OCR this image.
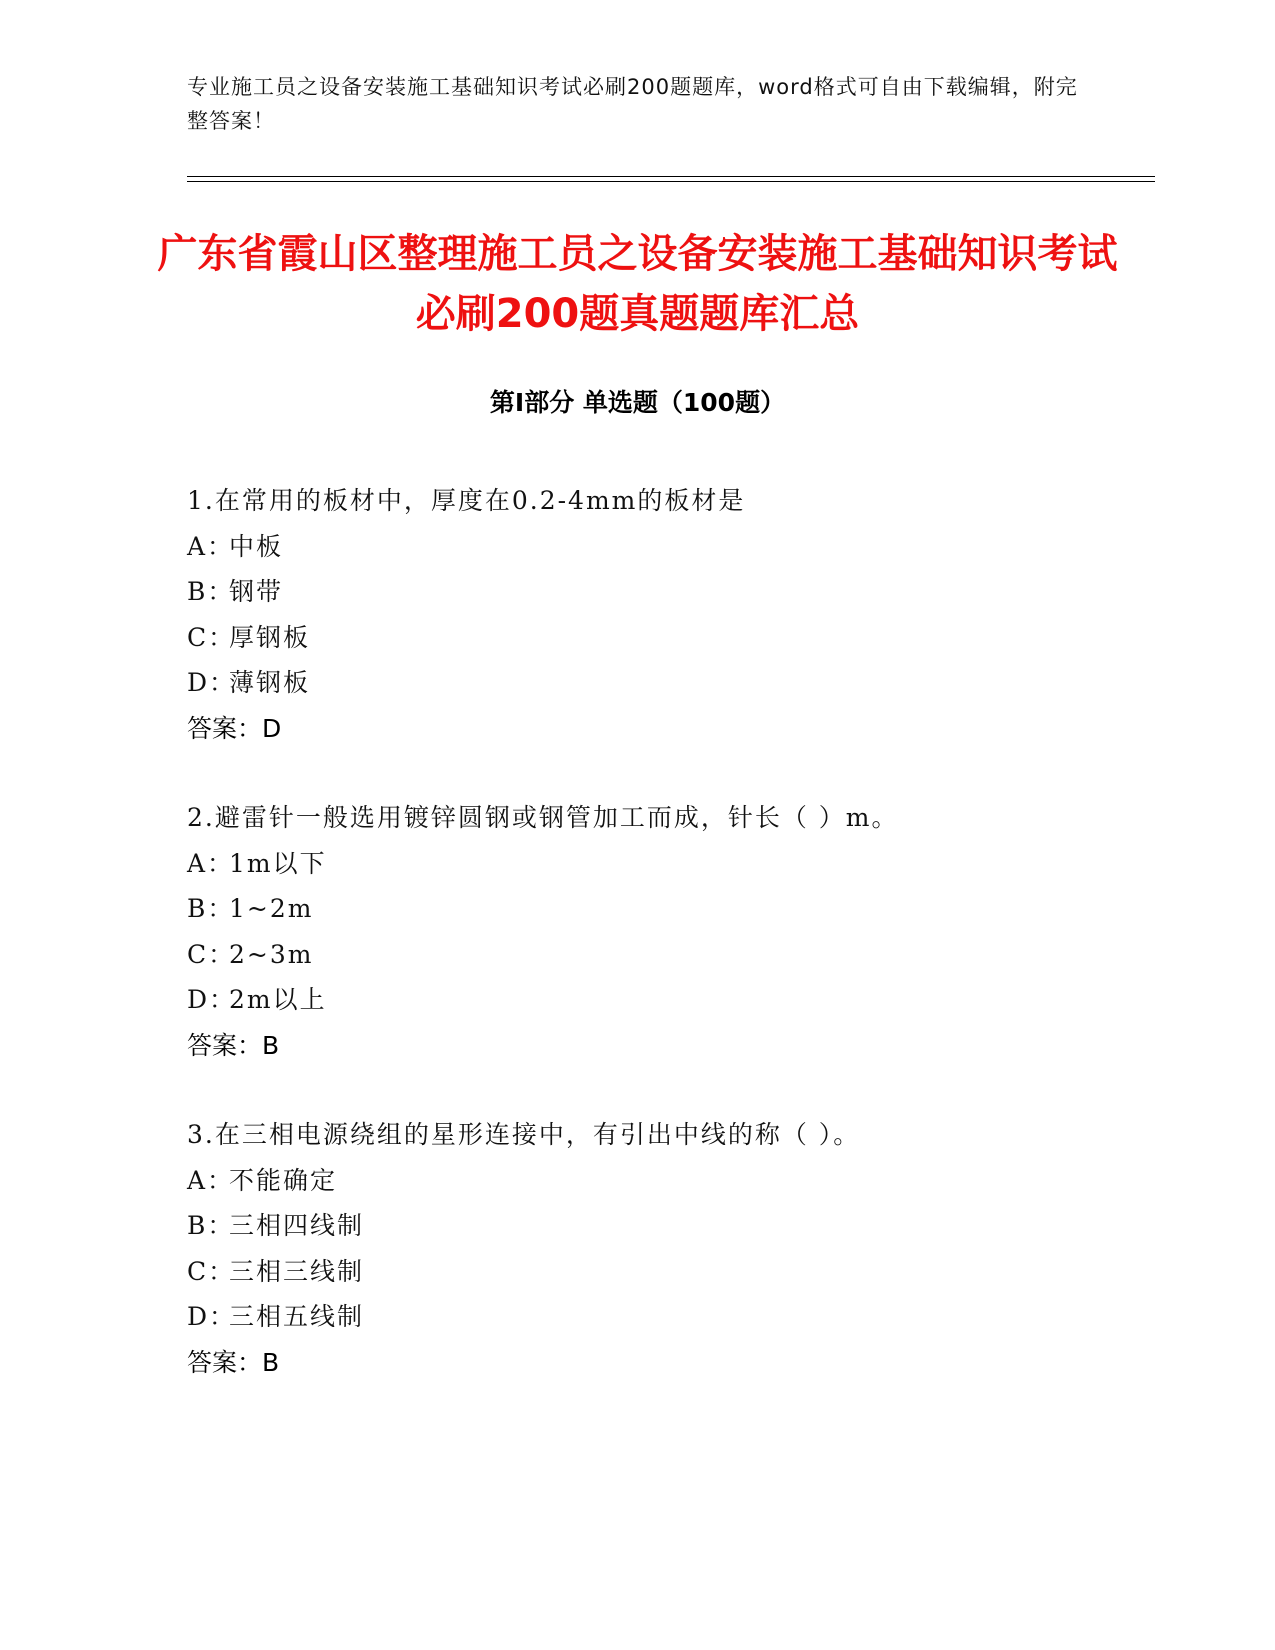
专业施工员之设备安装施工基础知识考试必刷200题题库，word格式可自由下载编辑，附完整答案！

广东省霞山区整理施工员之设备安装施工基础知识考试必刷200题真题题库汇总
第Ⅰ部分 单选题（100题）
1.在常用的板材中，厚度在0.2-4mm的板材是
A：中板
B：钢带
C：厚钢板
D：薄钢板
答案：D
2.避雷针一般选用镀锌圆钢或钢管加工而成，针长（ ）m。
A：1m以下
B：1~2m
C：2~3m
D：2m以上
答案：B
3.在三相电源绕组的星形连接中，有引出中线的称（ ）。
A：不能确定
B：三相四线制
C：三相三线制
D：三相五线制
答案：B
